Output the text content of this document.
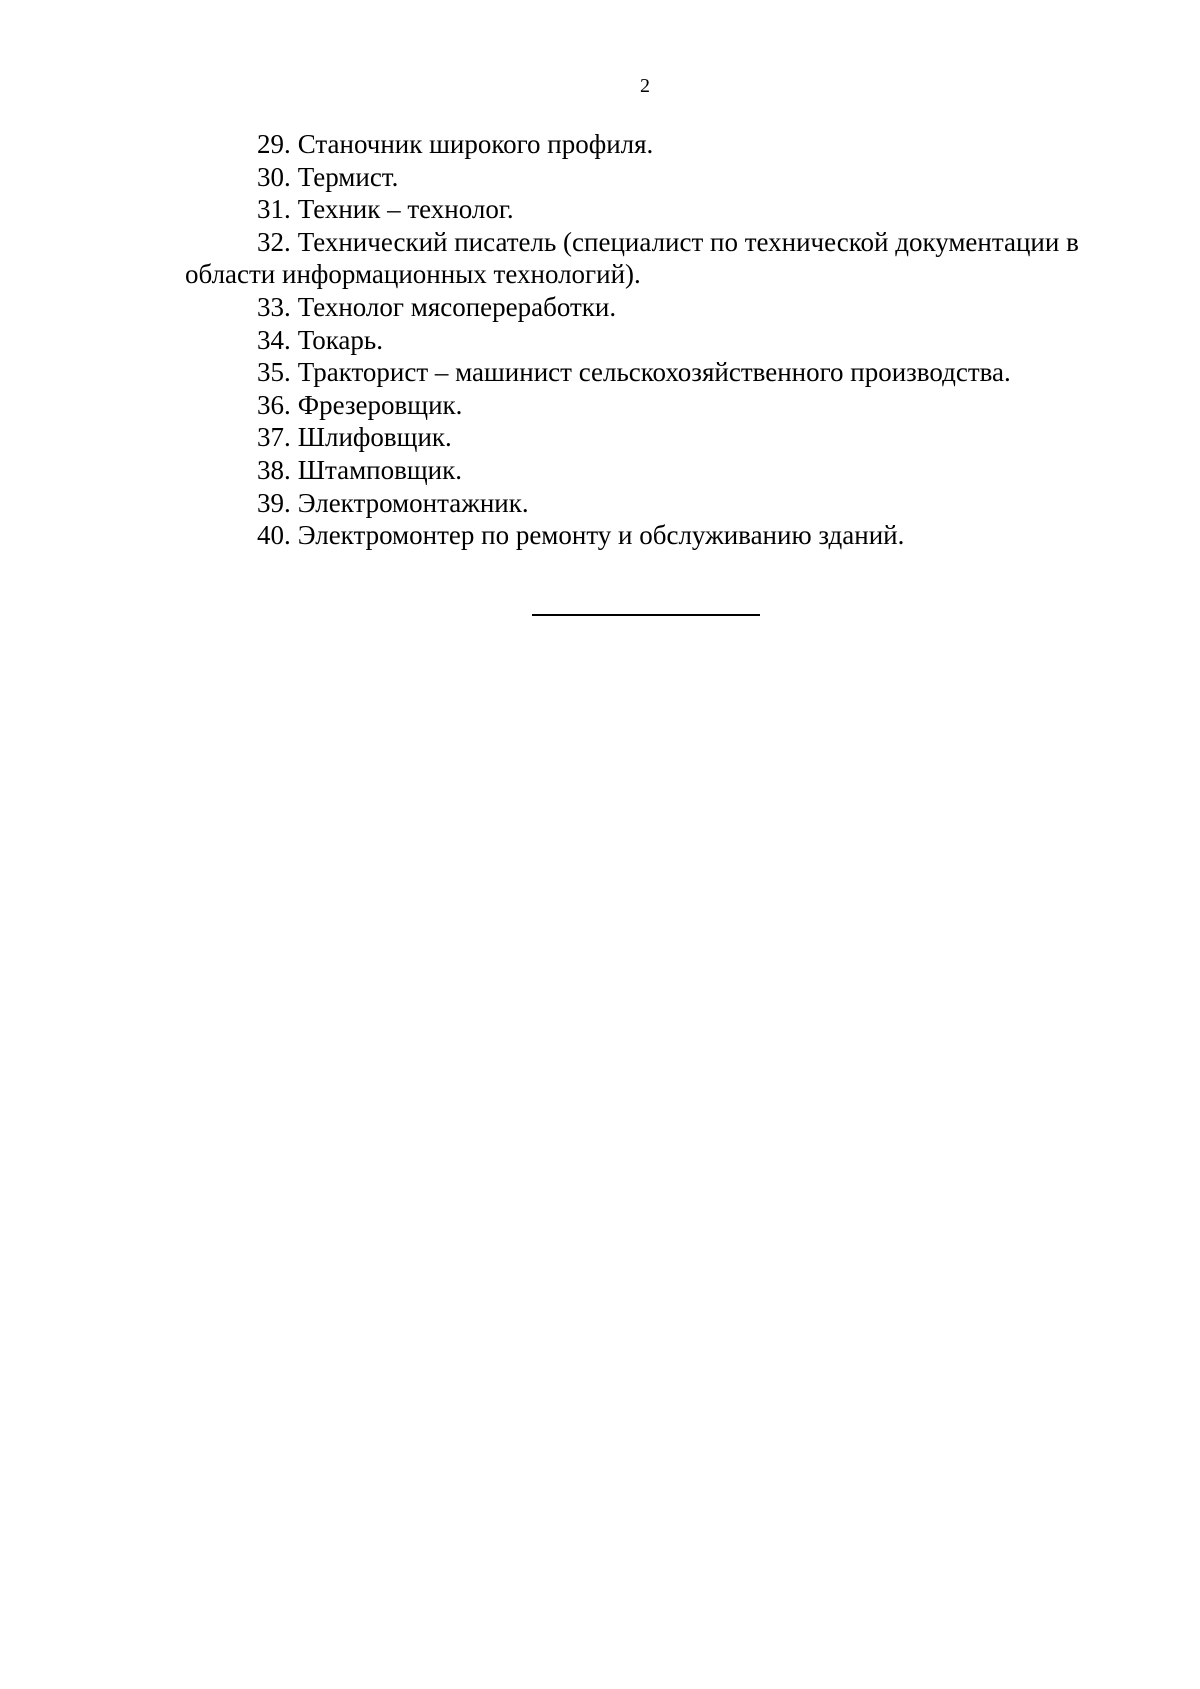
2
29. Станочник широкого профиля.
30. Термист.
31. Техник – технолог.
32. Технический писатель (специалист по технической документации в области информационных технологий).
33. Технолог мясопереработки.
34. Токарь.
35. Тракторист – машинист сельскохозяйственного производства.
36. Фрезеровщик.
37. Шлифовщик.
38. Штамповщик.
39. Электромонтажник.
40. Электромонтер по ремонту и обслуживанию зданий.
